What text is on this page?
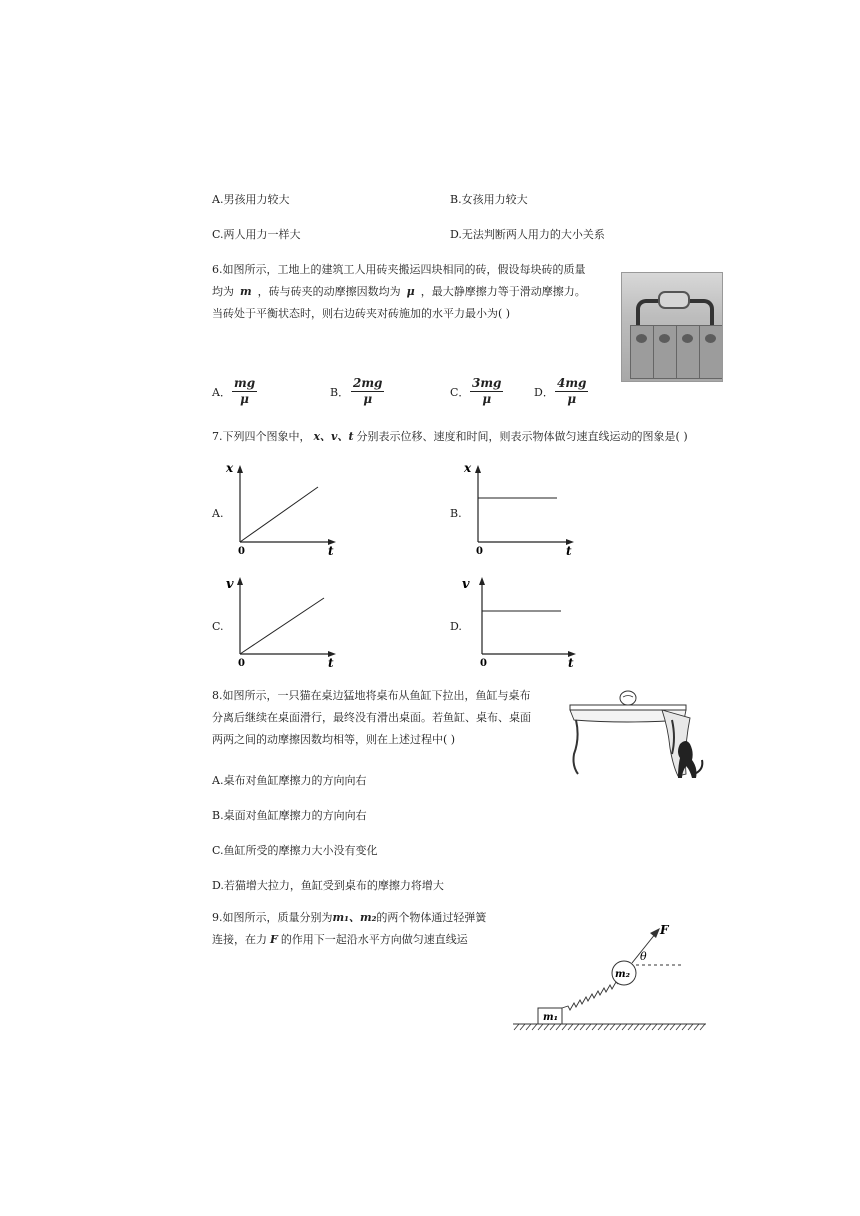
A.男孩用力较大	B.女孩用力较大
C.两人用力一样大	D.无法判断两人用力的大小关系
6.如图所示，工地上的建筑工人用砖夹搬运四块相同的砖，假设每块砖的质量
均为 m ，砖与砖夹的动摩擦因数均为 μ ，最大静摩擦力等于滑动摩擦力。
当砖处于平衡状态时，则右边砖夹对砖施加的水平力最小为( )
A． $\frac{mg}{\mu}$	B． $\frac{2mg}{\mu}$	C． $\frac{3mg}{\mu}$	D． $\frac{4mg}{\mu}$
7.下列四个图象中， x、v、t 分别表示位移、速度和时间，则表示物体做匀速直线运动的图象是( )
A.
x
0	t
B.
x
0	t
C.
v
0	t
D.
v
0	t
8.如图所示，一只猫在桌边猛地将桌布从鱼缸下拉出，鱼缸与桌布
分离后继续在桌面滑行，最终没有滑出桌面。若鱼缸、桌布、桌面
两两之间的动摩擦因数均相等，则在上述过程中( )
A.桌布对鱼缸摩擦力的方向向右
B.桌面对鱼缸摩擦力的方向向右
C.鱼缸所受的摩擦力大小没有变化
D.若猫增大拉力，鱼缸受到桌布的摩擦力将增大
9.如图所示，质量分别为m₁、m₂的两个物体通过轻弹簧
连接，在力 F 的作用下一起沿水平方向做匀速直线运
m₁
m₂
F
θ
